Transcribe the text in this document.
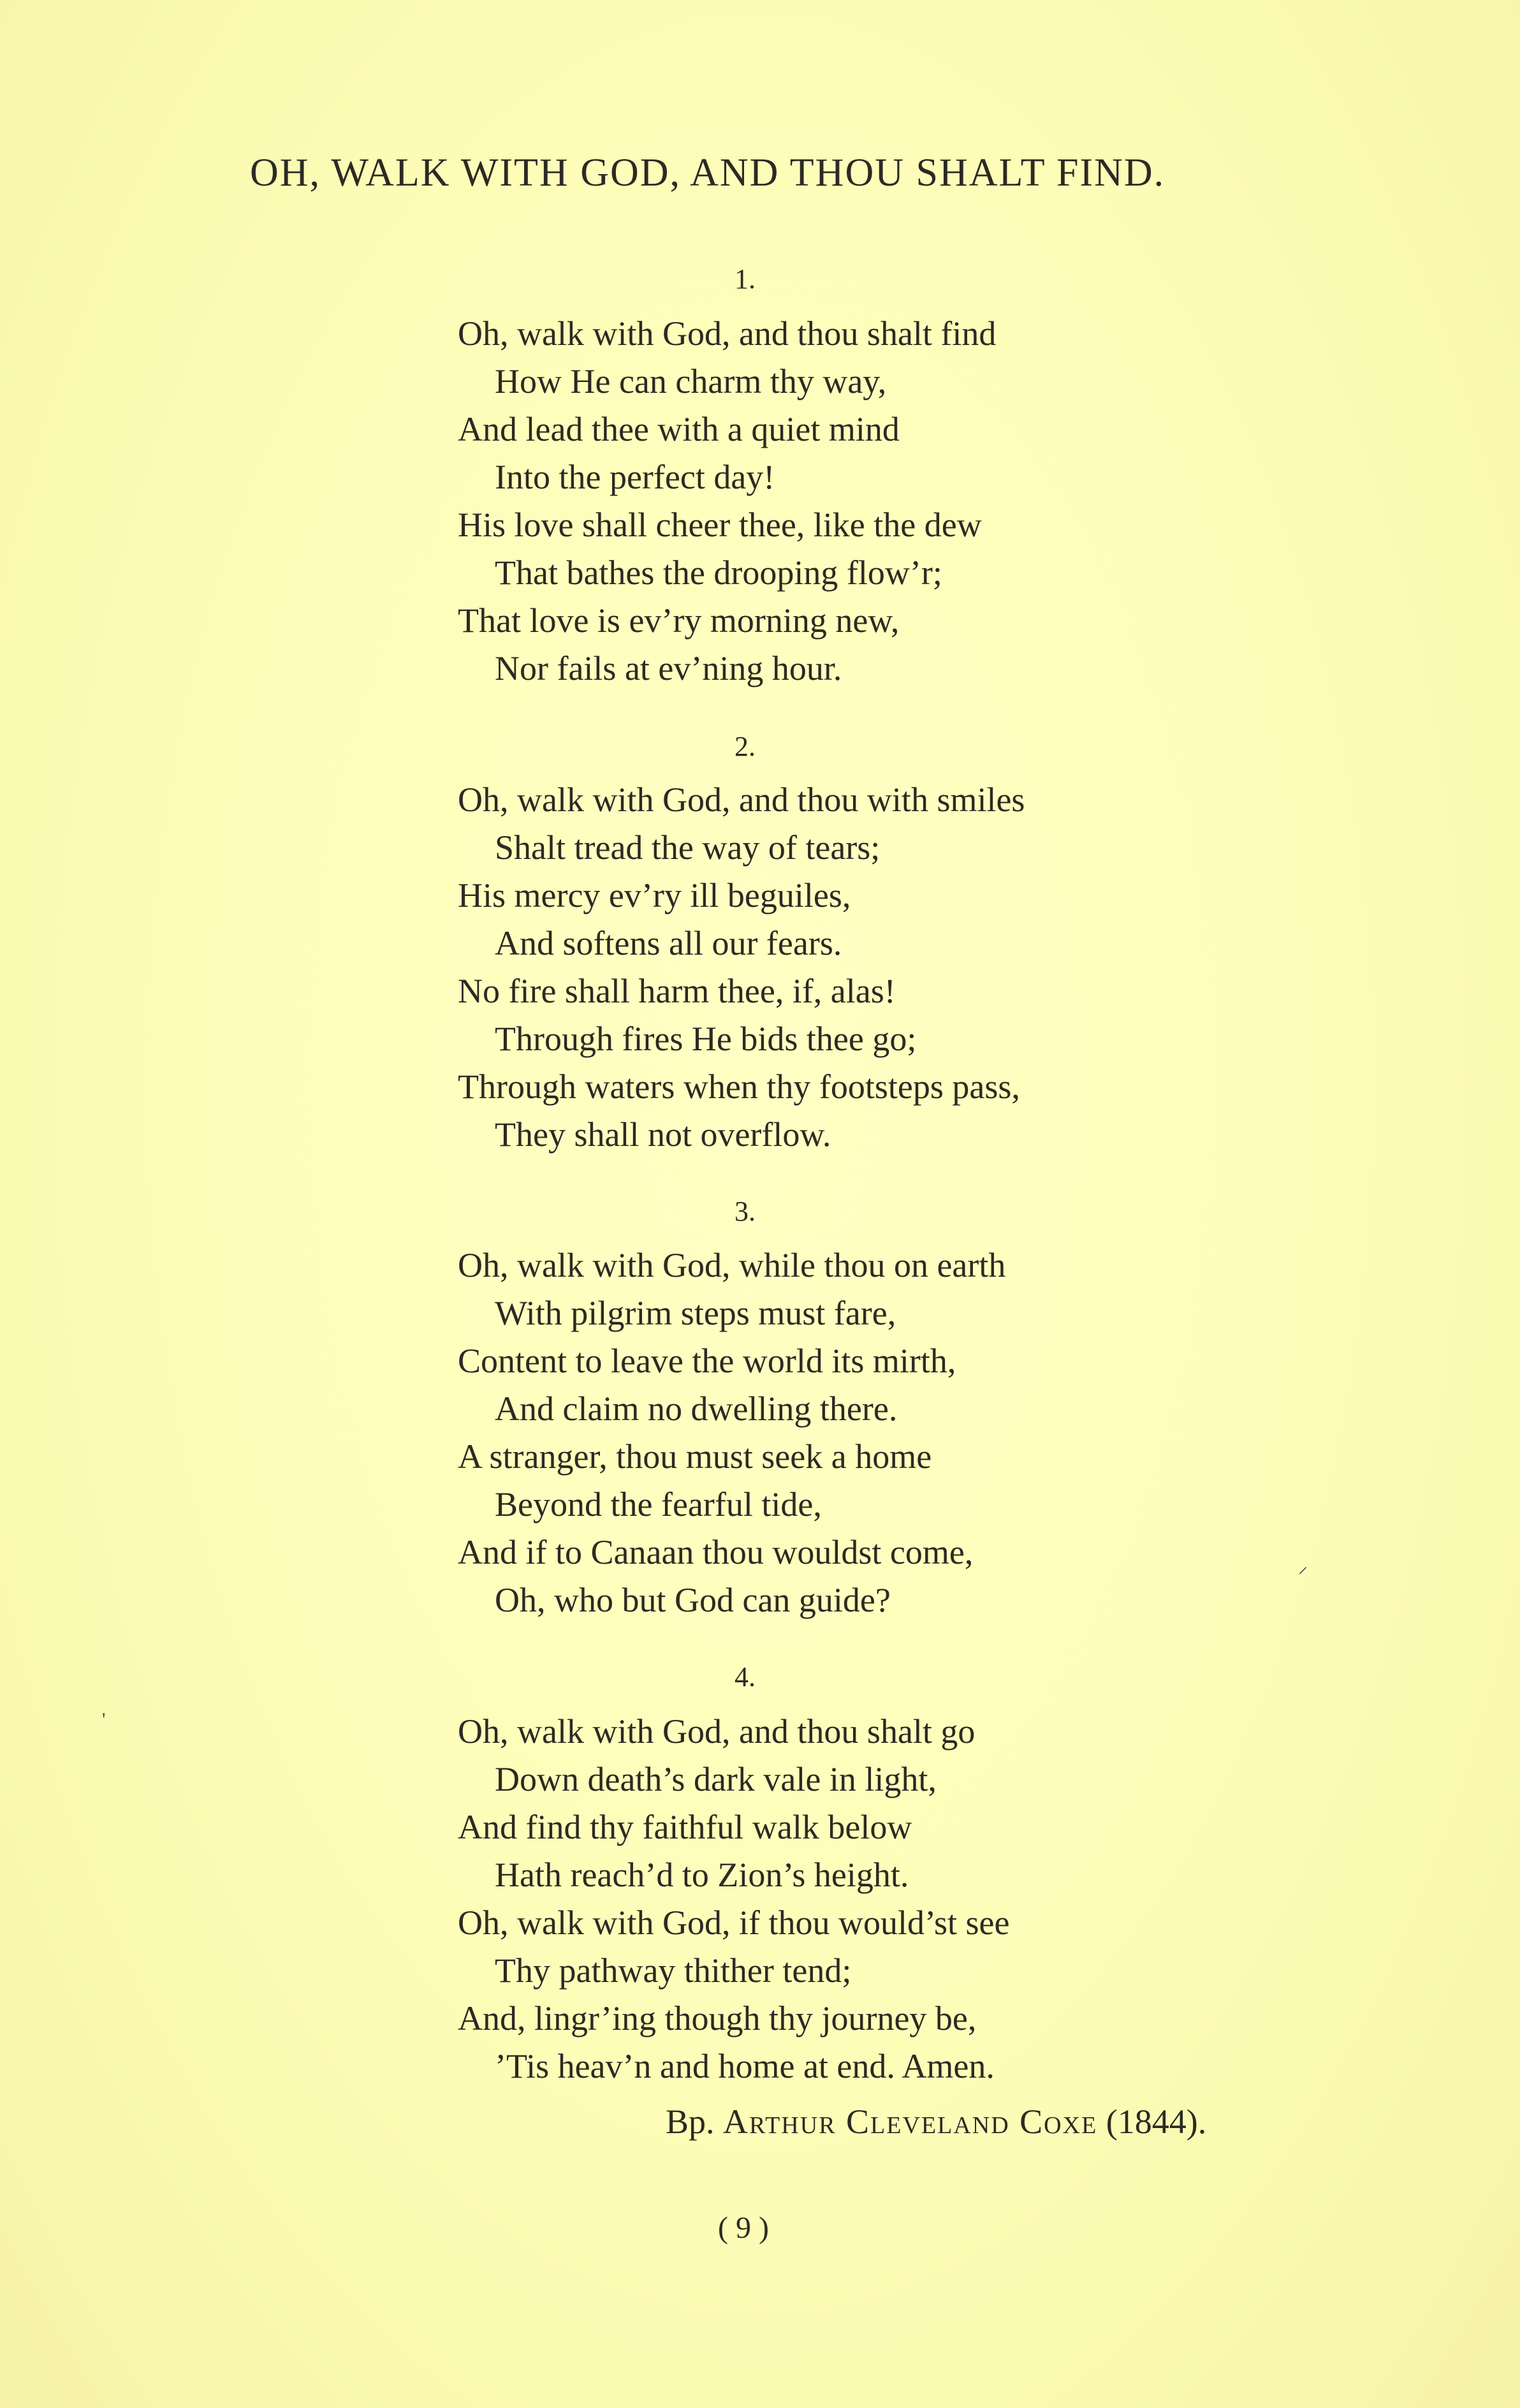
OH, WALK WITH GOD, AND THOU SHALT FIND.
1.
Oh, walk with God, and thou shalt find
How He can charm thy way,
And lead thee with a quiet mind
Into the perfect day!
His love shall cheer thee, like the dew
That bathes the drooping flow’r;
That love is ev’ry morning new,
Nor fails at ev’ning hour.
2.
Oh, walk with God, and thou with smiles
Shalt tread the way of tears;
His mercy ev’ry ill beguiles,
And softens all our fears.
No fire shall harm thee, if, alas!
Through fires He bids thee go;
Through waters when thy footsteps pass,
They shall not overflow.
3.
Oh, walk with God, while thou on earth
With pilgrim steps must fare,
Content to leave the world its mirth,
And claim no dwelling there.
A stranger, thou must seek a home
Beyond the fearful tide,
And if to Canaan thou wouldst come,
Oh, who but God can guide?
4.
Oh, walk with God, and thou shalt go
Down death’s dark vale in light,
And find thy faithful walk below
Hath reach’d to Zion’s height.
Oh, walk with God, if thou would’st see
Thy pathway thither tend;
And, lingr’ing though thy journey be,
’Tis heav’n and home at end. Amen.
Bp. Arthur Cleveland Coxe (1844).
( 9 )
⸝
'
